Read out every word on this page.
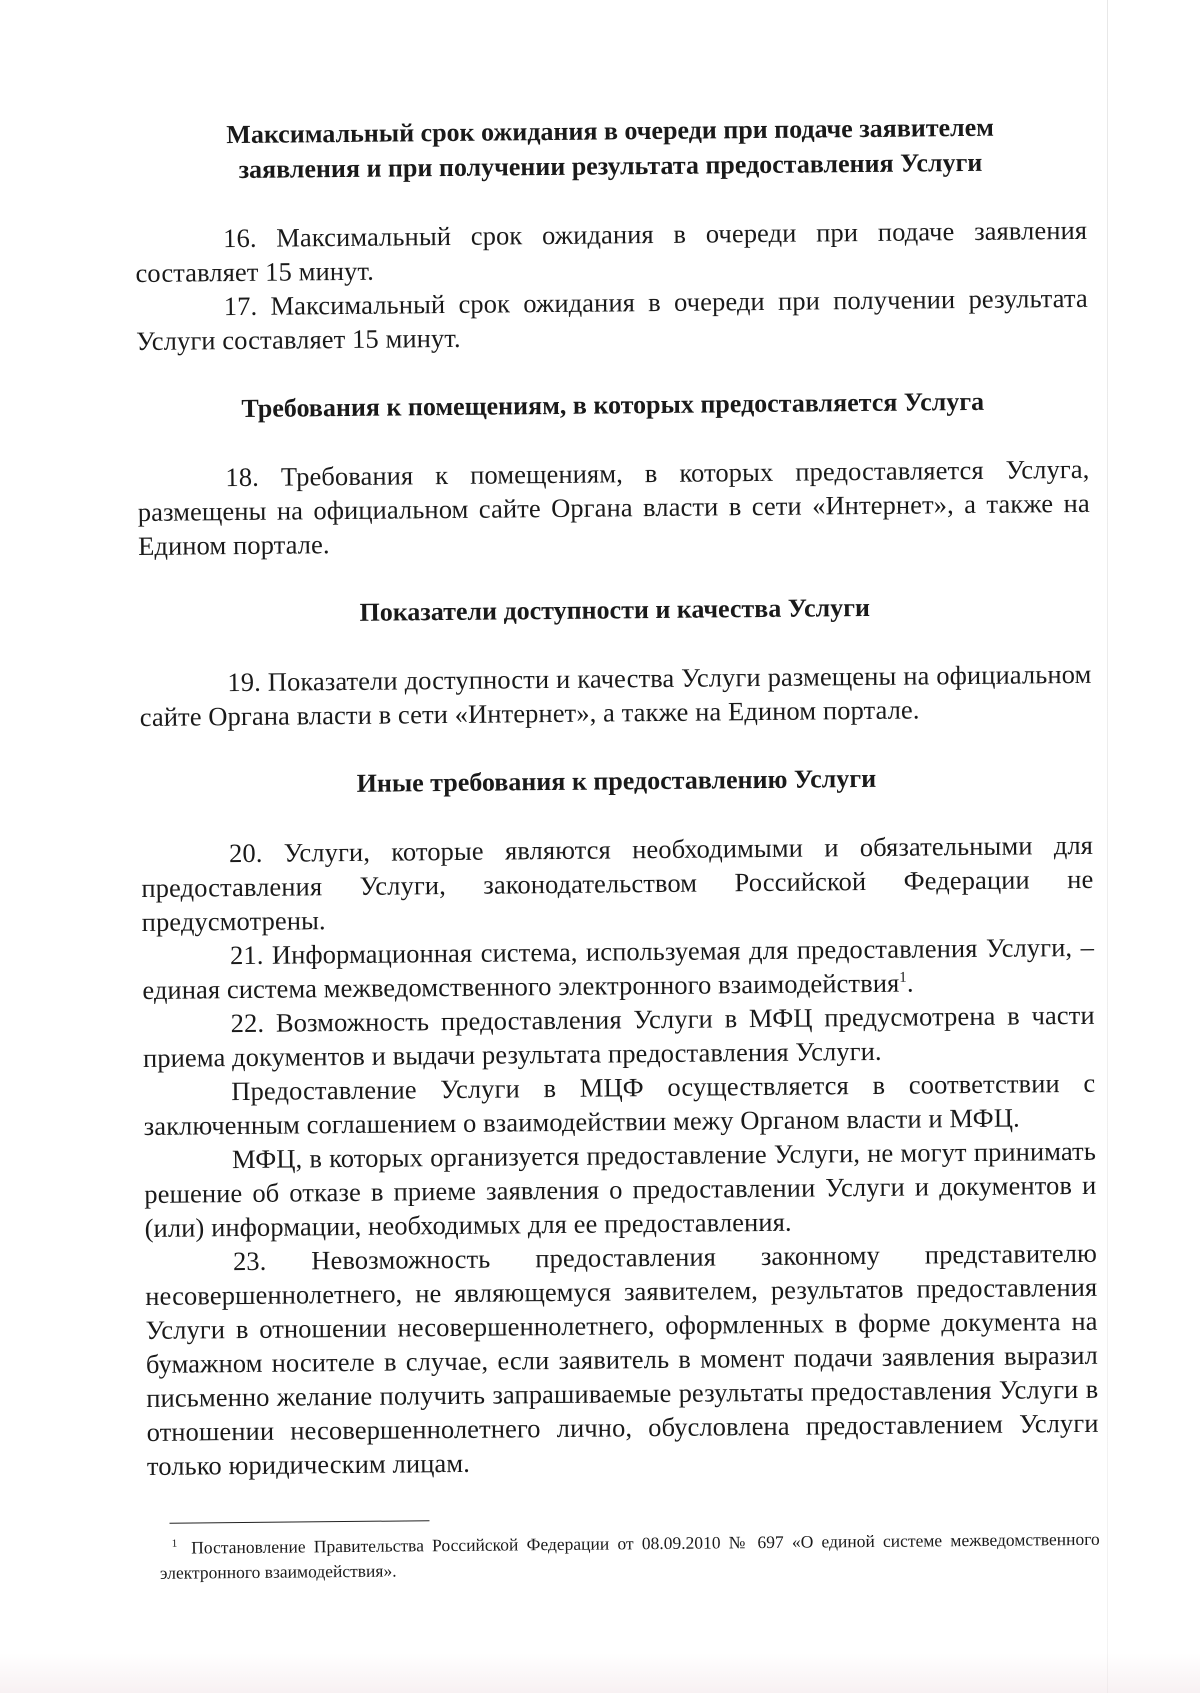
Максимальный срок ожидания в очереди при подаче заявителем заявления и при получении результата предоставления Услуги

16. Максимальный срок ожидания в очереди при подаче заявления составляет 15 минут.

17. Максимальный срок ожидания в очереди при получении результата Услуги составляет 15 минут.

Требования к помещениям, в которых предоставляется Услуга

18. Требования к помещениям, в которых предоставляется Услуга, размещены на официальном сайте Органа власти в сети «Интернет», а также на Едином портале.

Показатели доступности и качества Услуги

19. Показатели доступности и качества Услуги размещены на официальном сайте Органа власти в сети «Интернет», а также на Едином портале.

Иные требования к предоставлению Услуги

20. Услуги, которые являются необходимыми и обязательными для предоставления Услуги, законодательством Российской Федерации не предусмотрены.

21. Информационная система, используемая для предоставления Услуги, – единая система межведомственного электронного взаимодействия$^1$.

22. Возможность предоставления Услуги в МФЦ предусмотрена в части приема документов и выдачи результата предоставления Услуги.

Предоставление Услуги в МЦФ осуществляется в соответствии с заключенным соглашением о взаимодействии межу Органом власти и МФЦ.

МФЦ, в которых организуется предоставление Услуги, не могут принимать решение об отказе в приеме заявления о предоставлении Услуги и документов и (или) информации, необходимых для ее предоставления.

23. Невозможность предоставления законному представителю несовершеннолетнего, не являющемуся заявителем, результатов предоставления Услуги в отношении несовершеннолетнего, оформленных в форме документа на бумажном носителе в случае, если заявитель в момент подачи заявления выразил письменно желание получить запрашиваемые результаты предоставления Услуги в отношении несовершеннолетнего лично, обусловлена предоставлением Услуги только юридическим лицам.

$^1$ Постановление Правительства Российской Федерации от 08.09.2010 № 697 «О единой системе межведомственного электронного взаимодействия».
